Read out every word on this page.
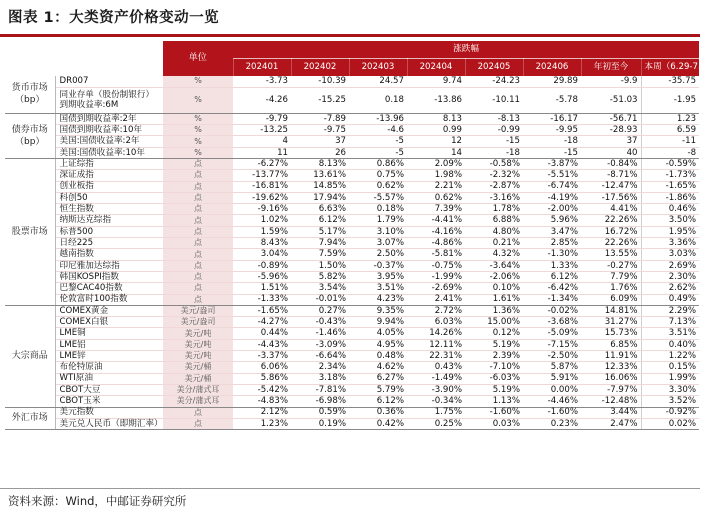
图表 1：大类资产价格变动一览
		单位	涨跌幅							
			202401	202402	202403	202404	202405	202406	年初至今	本周（6.29-7.5）
货币市场（bp）	DR007	%	-3.73	-10.39	24.57	9.74	-24.23	29.89	-9.9	-35.75
	同业存单（股份制银行）到期收益率:6M	%	-4.26	-15.25	0.18	-13.86	-10.11	-5.78	-51.03	-1.95
债券市场（bp）	国债到期收益率:2年	%	-9.79	-7.89	-13.96	8.13	-8.13	-16.17	-56.71	1.23
	国债到期收益率:10年	%	-13.25	-9.75	-4.6	0.99	-0.99	-9.95	-28.93	6.59
	美国:国债收益率:2年	%	4	37	-5	12	-15	-18	37	-11
	美国:国债收益率:10年	%	11	26	-5	14	-18	-15	40	-8
股票市场	上证综指	点	-6.27%	8.13%	0.86%	2.09%	-0.58%	-3.87%	-0.84%	-0.59%
	深证成指	点	-13.77%	13.61%	0.75%	1.98%	-2.32%	-5.51%	-8.71%	-1.73%
	创业板指	点	-16.81%	14.85%	0.62%	2.21%	-2.87%	-6.74%	-12.47%	-1.65%
	科创50	点	-19.62%	17.94%	-5.57%	0.62%	-3.16%	-4.19%	-17.56%	-1.86%
	恒生指数	点	-9.16%	6.63%	0.18%	7.39%	1.78%	-2.00%	4.41%	0.46%
	纳斯达克综指	点	1.02%	6.12%	1.79%	-4.41%	6.88%	5.96%	22.26%	3.50%
	标普500	点	1.59%	5.17%	3.10%	-4.16%	4.80%	3.47%	16.72%	1.95%
	日经225	点	8.43%	7.94%	3.07%	-4.86%	0.21%	2.85%	22.26%	3.36%
	越南指数	点	3.04%	7.59%	2.50%	-5.81%	4.32%	-1.30%	13.55%	3.03%
	印尼雅加达综指	点	-0.89%	1.50%	-0.37%	-0.75%	-3.64%	1.33%	-0.27%	2.69%
	韩国KOSPI指数	点	-5.96%	5.82%	3.95%	-1.99%	-2.06%	6.12%	7.79%	2.30%
	巴黎CAC40指数	点	1.51%	3.54%	3.51%	-2.69%	0.10%	-6.42%	1.76%	2.62%
	伦敦富时100指数	点	-1.33%	-0.01%	4.23%	2.41%	1.61%	-1.34%	6.09%	0.49%
大宗商品	COMEX黄金	美元/盎司	-1.65%	0.27%	9.35%	2.72%	1.36%	-0.02%	14.81%	2.29%
	COMEX白银	美元/盎司	-4.27%	-0.43%	9.94%	6.03%	15.00%	-3.68%	31.27%	7.13%
	LME铜	美元/吨	0.44%	-1.46%	4.05%	14.26%	0.12%	-5.09%	15.73%	3.51%
	LME铝	美元/吨	-4.43%	-3.09%	4.95%	12.11%	5.19%	-7.15%	6.85%	0.40%
	LME锌	美元/吨	-3.37%	-6.64%	0.48%	22.31%	2.39%	-2.50%	11.91%	1.22%
	布伦特原油	美元/桶	6.06%	2.34%	4.62%	0.43%	-7.10%	5.87%	12.33%	0.15%
	WTI原油	美元/桶	5.86%	3.18%	6.27%	-1.49%	-6.03%	5.91%	16.06%	1.99%
	CBOT大豆	美分/蒲式耳	-5.42%	-7.81%	5.79%	-3.90%	5.19%	0.00%	-7.97%	3.30%
	CBOT玉米	美分/蒲式耳	-4.83%	-6.98%	6.12%	-0.34%	1.13%	-4.46%	-12.48%	3.52%
外汇市场	美元指数	点	2.12%	0.59%	0.36%	1.75%	-1.60%	-1.60%	3.44%	-0.92%
	美元兑人民币（即期汇率）	点	1.23%	0.19%	0.42%	0.25%	0.03%	0.23%	2.47%	0.02%
资料来源：Wind，中邮证券研究所
